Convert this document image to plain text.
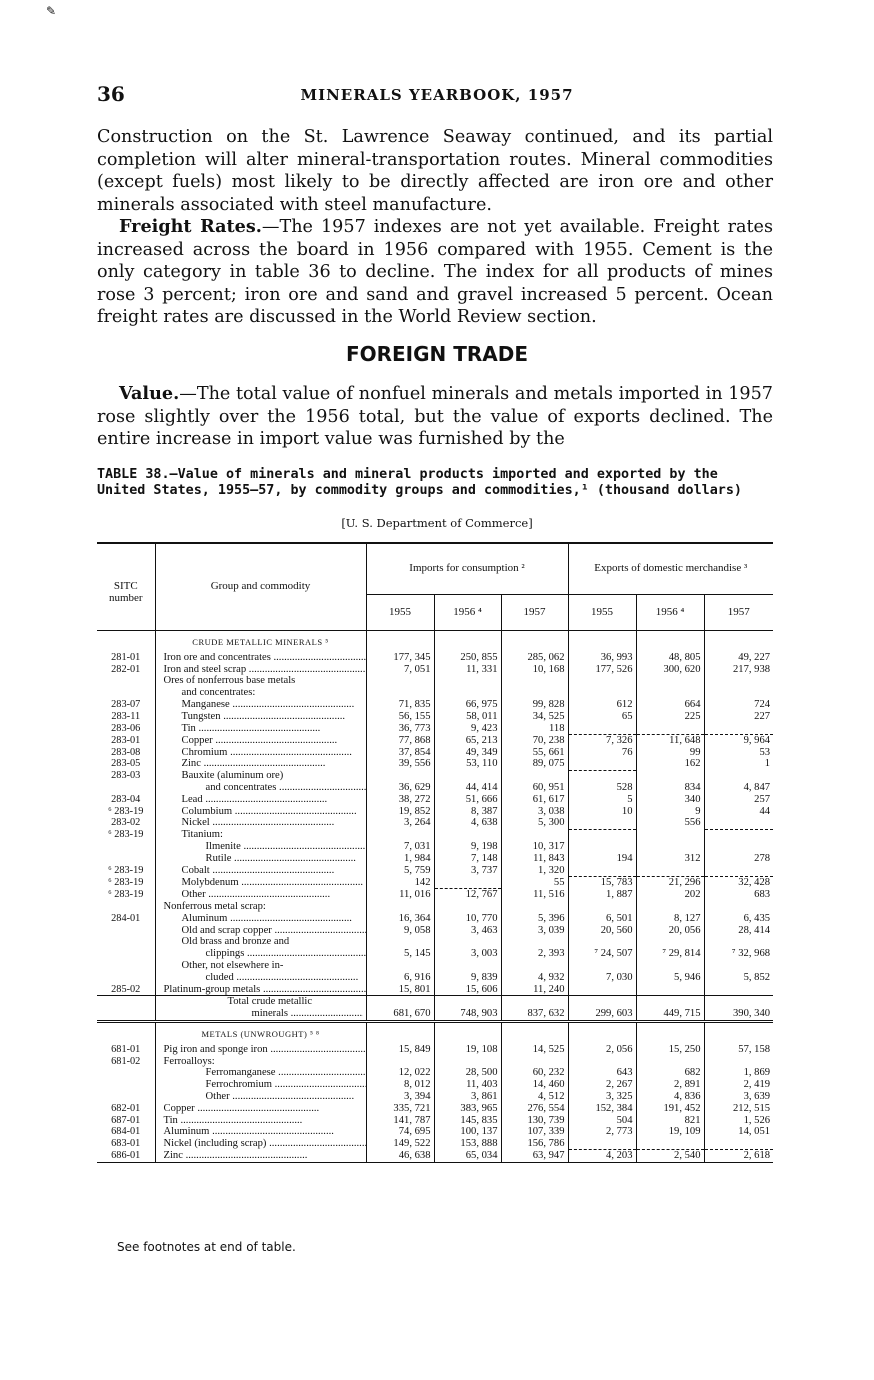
✎
36	MINERALS YEARBOOK, 1957
Construction on the St. Lawrence Seaway continued, and its partial completion will alter mineral-transportation routes. Mineral commodities (except fuels) most likely to be directly affected are iron ore and other minerals associated with steel manufacture.
Freight Rates.—The 1957 indexes are not yet available. Freight rates increased across the board in 1956 compared with 1955. Cement is the only category in table 36 to decline. The index for all products of mines rose 3 percent; iron ore and sand and gravel increased 5 percent. Ocean freight rates are discussed in the World Review section.
FOREIGN TRADE
Value.—The total value of nonfuel minerals and metals imported in 1957 rose slightly over the 1956 total, but the value of exports declined. The entire increase in import value was furnished by the
TABLE 38.—Value of minerals and mineral products imported and exported by the United States, 1955–57, by commodity groups and commodities,¹ (thousand dollars)
[U. S. Department of Commerce]
SITC number	Group and commodity	Imports for consumption ²			Exports of domestic merchandise ³		
		1955	1956 ⁴	1957	1955	1956 ⁴	1957
	CRUDE METALLIC MINERALS ⁵						
281-01	Iron ore and concentrates .....	177, 345	250, 855	285, 062	36, 993	48, 805	49, 227
282-01	Iron and steel scrap .....	7, 051	11, 331	10, 168	177, 526	300, 620	217, 938
	Ores of nonferrous base metals						
	and concentrates:						
283-07	Manganese .....	71, 835	66, 975	99, 828	612	664	724
283-11	Tungsten .....	56, 155	58, 011	34, 525	65	225	227
283-06	Tin .....	36, 773	9, 423	118			
283-01	Copper .....	77, 868	65, 213	70, 238	7, 326	11, 648	9, 964
283-08	Chromium .....	37, 854	49, 349	55, 661	76	99	53
283-05	Zinc .....	39, 556	53, 110	89, 075		162	1
283-03	Bauxite (aluminum ore)						
	and concentrates .....	36, 629	44, 414	60, 951	528	834	4, 847
283-04	Lead .....	38, 272	51, 666	61, 617	5	340	257
⁶ 283-19	Columbium .....	19, 852	8, 387	3, 038	10	9	44
283-02	Nickel .....	3, 264	4, 638	5, 300		556	
⁶ 283-19	Titanium:						
	Ilmenite .....	7, 031	9, 198	10, 317			
	Rutile .....	1, 984	7, 148	11, 843	194	312	278
⁶ 283-19	Cobalt .....	5, 759	3, 737	1, 320			
⁶ 283-19	Molybdenum .....	142		55	15, 783	21, 296	32, 428
⁶ 283-19	Other .....	11, 016	12, 767	11, 516	1, 887	202	683
	Nonferrous metal scrap:						
284-01	Aluminum .....	16, 364	10, 770	5, 396	6, 501	8, 127	6, 435
	Old and scrap copper .....	9, 058	3, 463	3, 039	20, 560	20, 056	28, 414
	Old brass and bronze and						
	clippings .....	5, 145	3, 003	2, 393	⁷ 24, 507	⁷ 29, 814	⁷ 32, 968
	Other, not elsewhere in-						
	cluded .....	6, 916	9, 839	4, 932	7, 030	5, 946	5, 852
285-02	Platinum-group metals .....	15, 801	15, 606	11, 240			

	Total crude metallic
minerals .....	681, 670	748, 903	837, 632	299, 603	449, 715	390, 340
	METALS (UNWROUGHT) ⁵ ⁸						
681-01	Pig iron and sponge iron .....	15, 849	19, 108	14, 525	2, 056	15, 250	57, 158
681-02	Ferroalloys:						
	Ferromanganese .....	12, 022	28, 500	60, 232	643	682	1, 869
	Ferrochromium .....	8, 012	11, 403	14, 460	2, 267	2, 891	2, 419
	Other .....	3, 394	3, 861	4, 512	3, 325	4, 836	3, 639
682-01	Copper .....	335, 721	383, 965	276, 554	152, 384	191, 452	212, 515
687-01	Tin .....	141, 787	145, 835	130, 739	504	821	1, 526
684-01	Aluminum .....	74, 695	100, 137	107, 339	2, 773	19, 109	14, 051
683-01	Nickel (including scrap) .....	149, 522	153, 888	156, 786			
686-01	Zinc .....	46, 638	65, 034	63, 947	4, 203	2, 540	2, 618
See footnotes at end of table.
